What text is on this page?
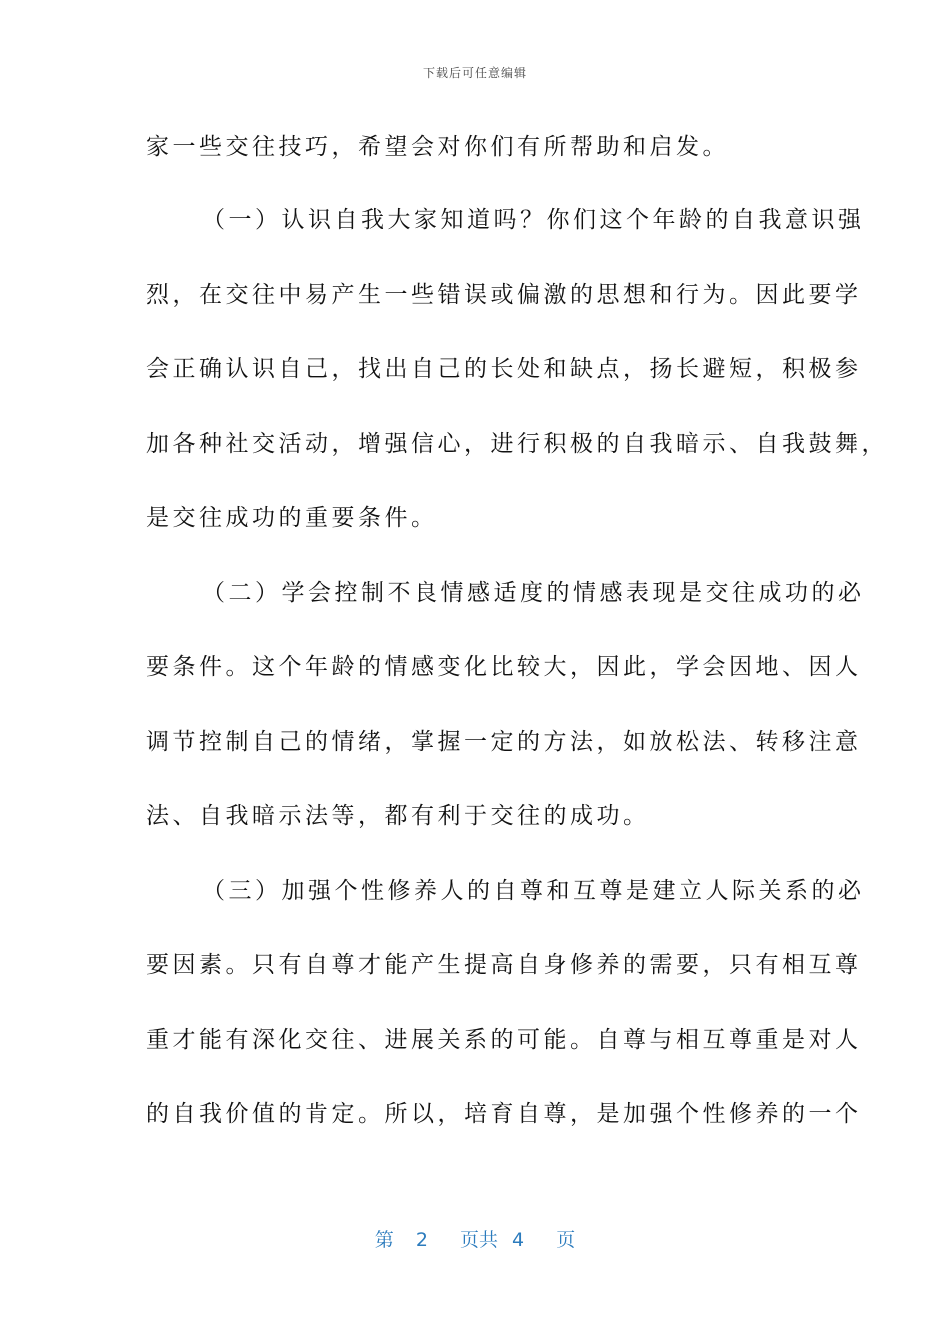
下载后可任意编辑
家一些交往技巧，希望会对你们有所帮助和启发。
（一）认识自我大家知道吗？你们这个年龄的自我意识强
烈，在交往中易产生一些错误或偏激的思想和行为。因此要学
会正确认识自己，找出自己的长处和缺点，扬长避短，积极参
加各种社交活动，增强信心，进行积极的自我暗示、自我鼓舞，
是交往成功的重要条件。
（二）学会控制不良情感适度的情感表现是交往成功的必
要条件。这个年龄的情感变化比较大，因此，学会因地、因人
调节控制自己的情绪，掌握一定的方法，如放松法、转移注意
法、自我暗示法等，都有利于交往的成功。
（三）加强个性修养人的自尊和互尊是建立人际关系的必
要因素。只有自尊才能产生提高自身修养的需要，只有相互尊
重才能有深化交往、进展关系的可能。自尊与相互尊重是对人
的自我价值的肯定。所以，培育自尊，是加强个性修养的一个
第 2 页共 4 页
